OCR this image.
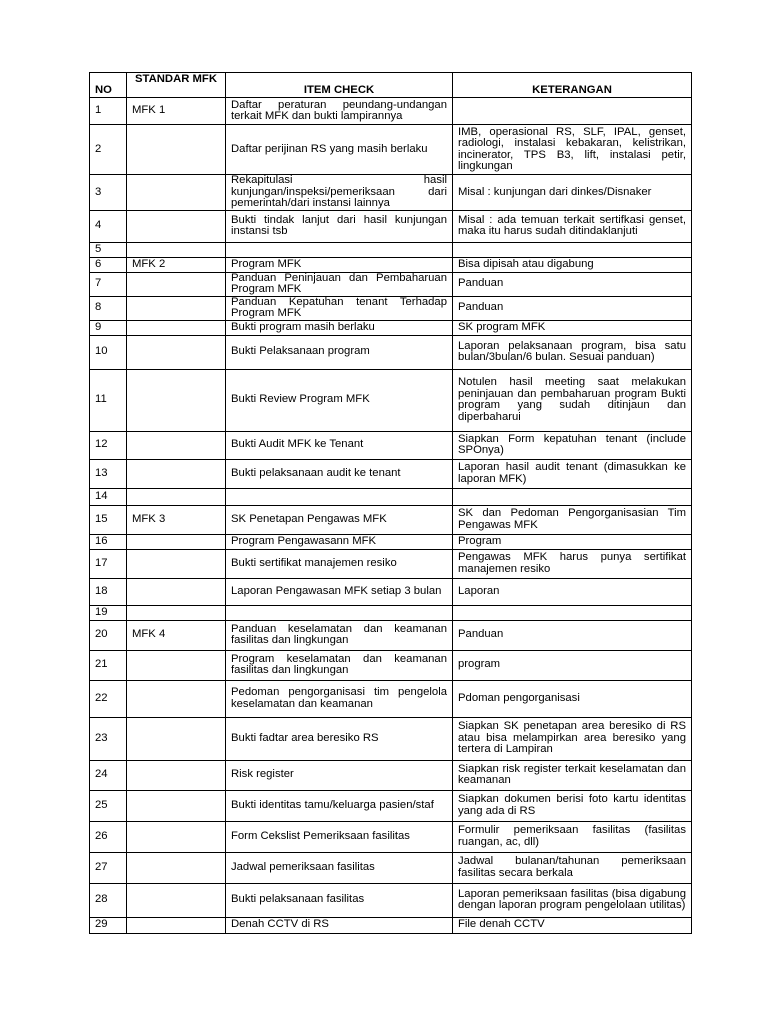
NO	STANDAR MFK	ITEM CHECK	KETERANGAN
1	MFK 1	Daftar peraturan peundang-undangan terkait MFK dan bukti lampirannya	

2		Daftar perijinan RS yang masih berlaku	IMB, operasional RS, SLF, IPAL, genset, radiologi, instalasi kebakaran, kelistrikan, incinerator, TPS B3, lift, instalasi petir, lingkungan

3		Rekapitulasi hasil kunjungan/inspeksi/pemeriksaan dari pemerintah/dari instansi lainnya	Misal : kunjungan dari dinkes/Disnaker

4		Bukti tindak lanjut dari hasil kunjungan instansi tsb	Misal : ada temuan terkait sertifkasi genset, maka itu harus sudah ditindaklanjuti

5		

6	MFK 2	Program MFK	Bisa dipisah atau digabung

7		Panduan Peninjauan dan Pembaharuan Program MFK	Panduan

8		Panduan Kepatuhan tenant Terhadap Program MFK	Panduan

9		Bukti program masih berlaku	SK program MFK

10		Bukti Pelaksanaan program	Laporan pelaksanaan program, bisa satu bulan/3bulan/6 bulan. Sesuai panduan)

11		Bukti Review Program MFK	Notulen hasil meeting saat melakukan peninjauan dan pembaharuan program Bukti program yang sudah ditinjaun dan diperbaharui

12		Bukti Audit MFK ke Tenant	Siapkan Form kepatuhan tenant (include SPOnya)

13		Bukti pelaksanaan audit ke tenant	Laporan hasil audit tenant (dimasukkan ke laporan MFK)

14		

15	MFK 3	SK Penetapan Pengawas MFK	SK dan Pedoman Pengorganisasian Tim Pengawas MFK

16		Program Pengawasann MFK	Program

17		Bukti sertifikat manajemen resiko	Pengawas MFK harus punya sertifikat manajemen resiko

18		Laporan Pengawasan MFK setiap 3 bulan	Laporan

19		

20	MFK 4	Panduan keselamatan dan keamanan fasilitas dan lingkungan	Panduan

21		Program keselamatan dan keamanan fasilitas dan lingkungan	program

22		Pedoman pengorganisasi tim pengelola keselamatan dan keamanan	Pdoman pengorganisasi

23		Bukti fadtar area beresiko RS	Siapkan SK penetapan area beresiko di RS atau bisa melampirkan area beresiko yang tertera di Lampiran

24		Risk register	Siapkan risk register terkait keselamatan dan keamanan

25		Bukti identitas tamu/keluarga pasien/staf	Siapkan dokumen berisi foto kartu identitas yang ada di RS

26		Form Cekslist Pemeriksaan fasilitas	Formulir pemeriksaan fasilitas (fasilitas ruangan, ac, dll)

27		Jadwal pemeriksaan fasilitas	Jadwal bulanan/tahunan pemeriksaan fasilitas secara berkala

28		Bukti pelaksanaan fasilitas	Laporan pemeriksaan fasilitas (bisa digabung dengan laporan program pengelolaan utilitas)

29		Denah CCTV di RS	File denah CCTV
